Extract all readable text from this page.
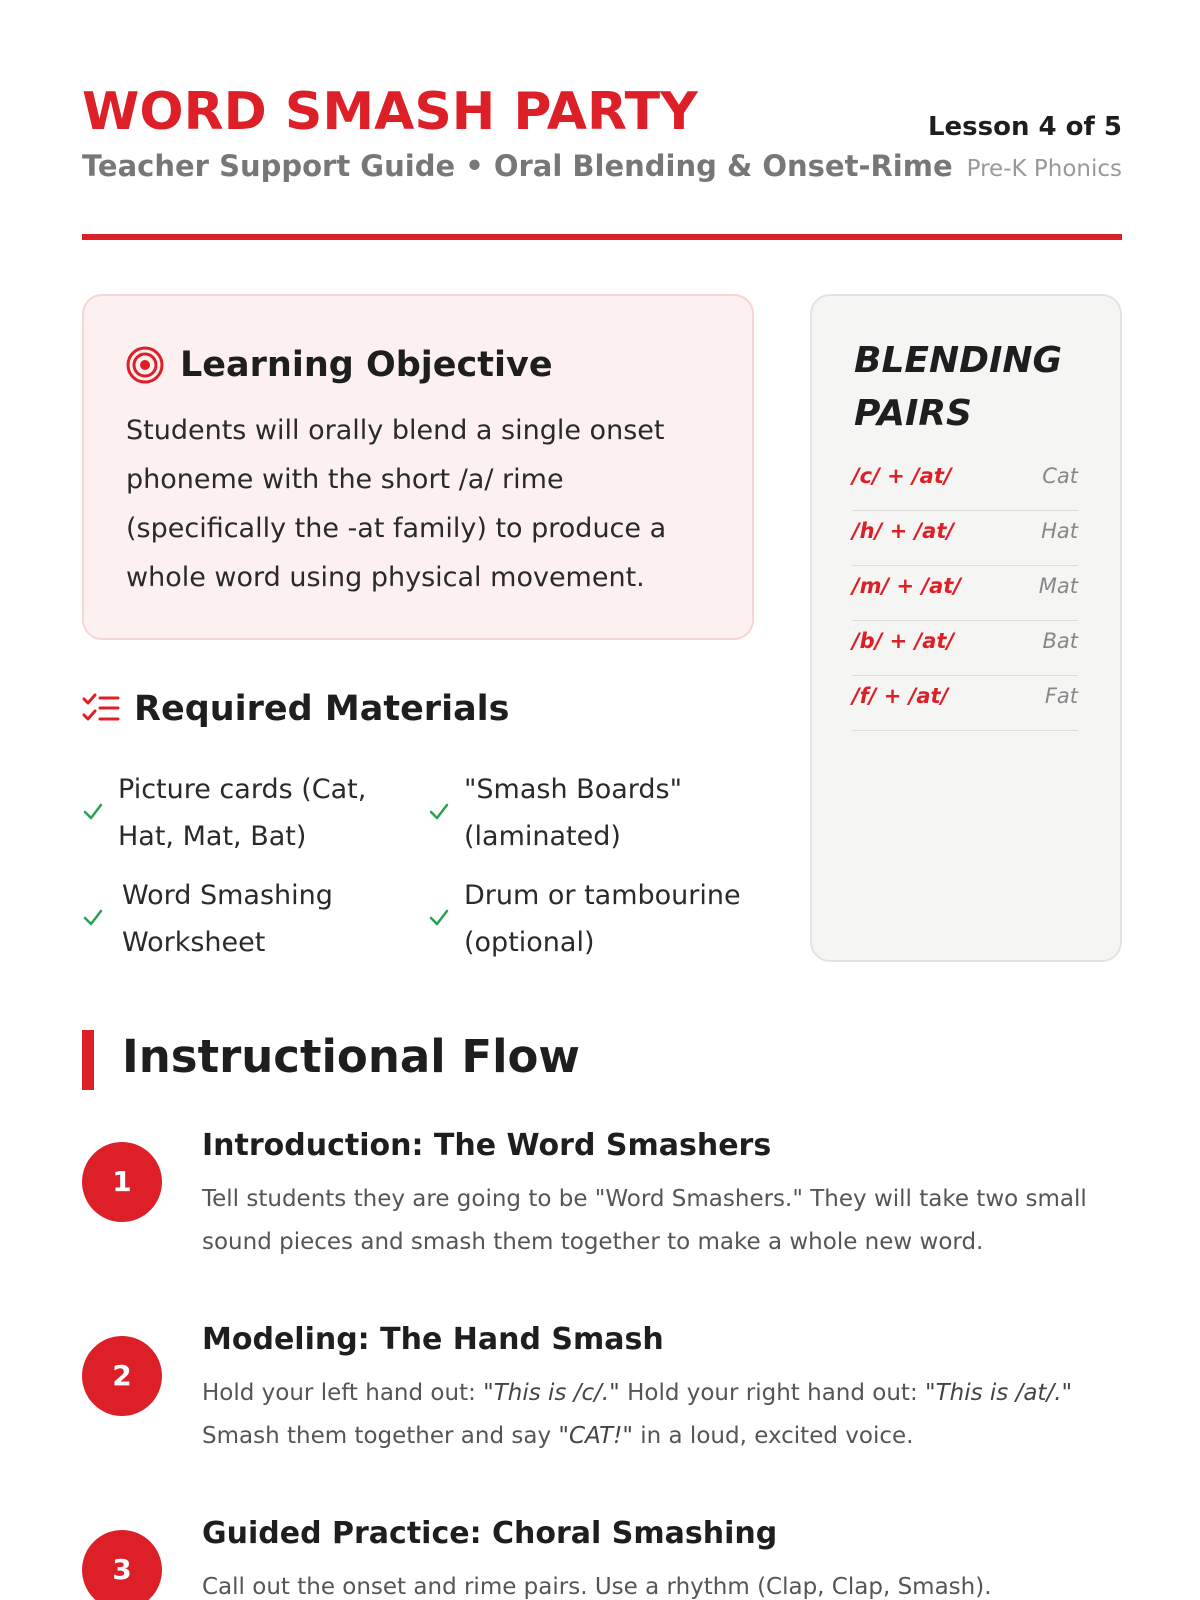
WORD SMASH PARTY
Teacher Support Guide • Oral Blending & Onset-Rime
Lesson 4 of 5
Pre-K Phonics
Learning Objective
Students will orally blend a single onset phoneme with the short /a/ rime (specifically the -at family) to produce a whole word using physical movement.
Required Materials
Picture cards (Cat, Hat, Mat, Bat)
"Smash Boards" (laminated)
Word Smashing Worksheet
Drum or tambourine (optional)
BLENDING PAIRS
/c/ + /at/	Cat
/h/ + /at/	Hat
/m/ + /at/	Mat
/b/ + /at/	Bat
/f/ + /at/	Fat
Instructional Flow
1
Introduction: The Word Smashers
Tell students they are going to be "Word Smashers." They will take two small sound pieces and smash them together to make a whole new word.
2
Modeling: The Hand Smash
Hold your left hand out: "This is /c/." Hold your right hand out: "This is /at/." Smash them together and say "CAT!" in a loud, excited voice.
3
Guided Practice: Choral Smashing
Call out the onset and rime pairs. Use a rhythm (Clap, Clap, Smash).
